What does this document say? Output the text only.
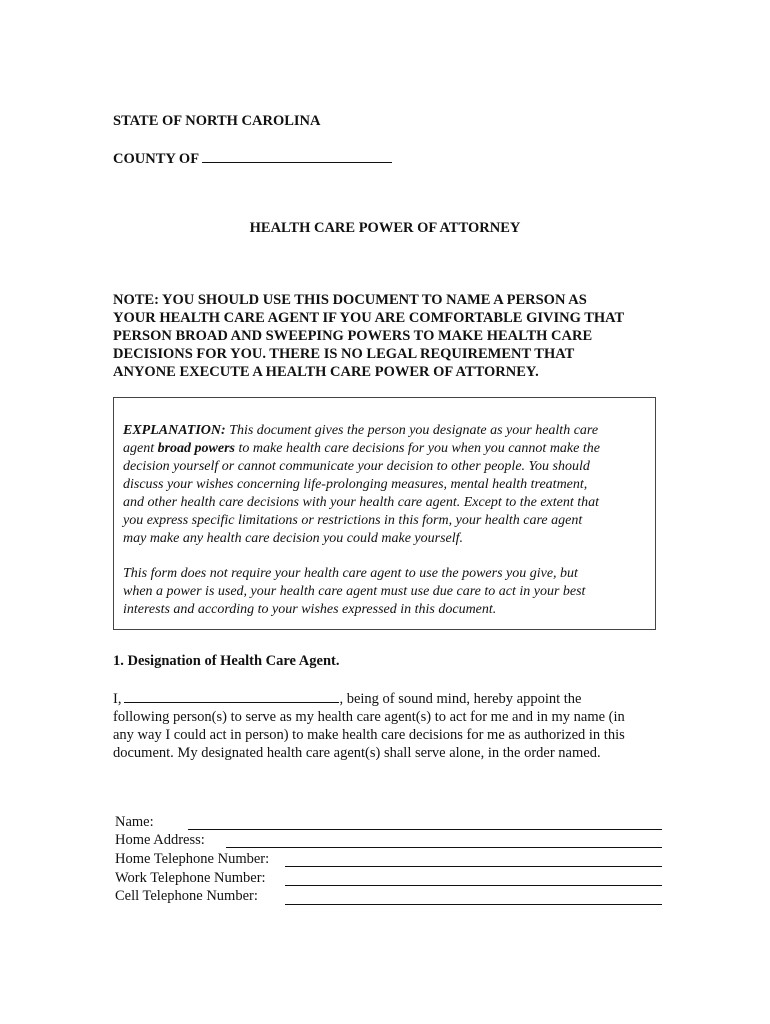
STATE OF NORTH CAROLINA
COUNTY OF
HEALTH CARE POWER OF ATTORNEY
NOTE: YOU SHOULD USE THIS DOCUMENT TO NAME A PERSON AS
YOUR HEALTH CARE AGENT IF YOU ARE COMFORTABLE GIVING THAT
PERSON BROAD AND SWEEPING POWERS TO MAKE HEALTH CARE
DECISIONS FOR YOU. THERE IS NO LEGAL REQUIREMENT THAT
ANYONE EXECUTE A HEALTH CARE POWER OF ATTORNEY.
EXPLANATION: This document gives the person you designate as your health care
agent broad powers to make health care decisions for you when you cannot make the
decision yourself or cannot communicate your decision to other people. You should
discuss your wishes concerning life-prolonging measures, mental health treatment,
and other health care decisions with your health care agent. Except to the extent that
you express specific limitations or restrictions in this form, your health care agent
may make any health care decision you could make yourself.
This form does not require your health care agent to use the powers you give, but
when a power is used, your health care agent must use due care to act in your best
interests and according to your wishes expressed in this document.
1. Designation of Health Care Agent.
I,	, being of sound mind, hereby appoint the
following person(s) to serve as my health care agent(s) to act for me and in my name (in
any way I could act in person) to make health care decisions for me as authorized in this
document. My designated health care agent(s) shall serve alone, in the order named.
Name:
Home Address:
Home Telephone Number:
Work Telephone Number:
Cell Telephone Number:
